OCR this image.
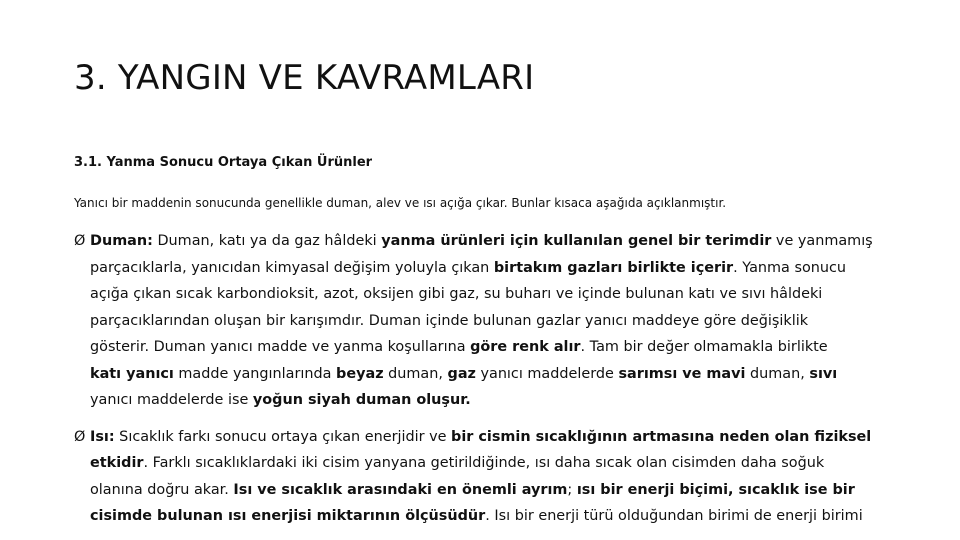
3. YANGIN VE KAVRAMLARI
3.1. Yanma Sonucu Ortaya Çıkan Ürünler
Yanıcı bir maddenin sonucunda genellikle duman, alev ve ısı açığa çıkar. Bunlar kısaca aşağıda açıklanmıştır.
Ø Duman: Duman, katı ya da gaz hâldeki yanma ürünleri için kullanılan genel bir terimdir ve yanmamış
parçacıklarla, yanıcıdan kimyasal değişim yoluyla çıkan birtakım gazları birlikte içerir. Yanma sonucu
açığa çıkan sıcak karbondioksit, azot, oksijen gibi gaz, su buharı ve içinde bulunan katı ve sıvı hâldeki
parçacıklarından oluşan bir karışımdır. Duman içinde bulunan gazlar yanıcı maddeye göre değişiklik
gösterir. Duman yanıcı madde ve yanma koşullarına göre renk alır. Tam bir değer olmamakla birlikte
katı yanıcı madde yangınlarında beyaz duman, gaz yanıcı maddelerde sarımsı ve mavi duman, sıvı
yanıcı maddelerde ise yoğun siyah duman oluşur.
Ø Isı: Sıcaklık farkı sonucu ortaya çıkan enerjidir ve bir cismin sıcaklığının artmasına neden olan fiziksel
etkidir. Farklı sıcaklıklardaki iki cisim yanyana getirildiğinde, ısı daha sıcak olan cisimden daha soğuk
olanına doğru akar. Isı ve sıcaklık arasındaki en önemli ayrım; ısı bir enerji biçimi, sıcaklık ise bir
cisimde bulunan ısı enerjisi miktarının ölçüsüdür. Isı bir enerji türü olduğundan birimi de enerji birimi
